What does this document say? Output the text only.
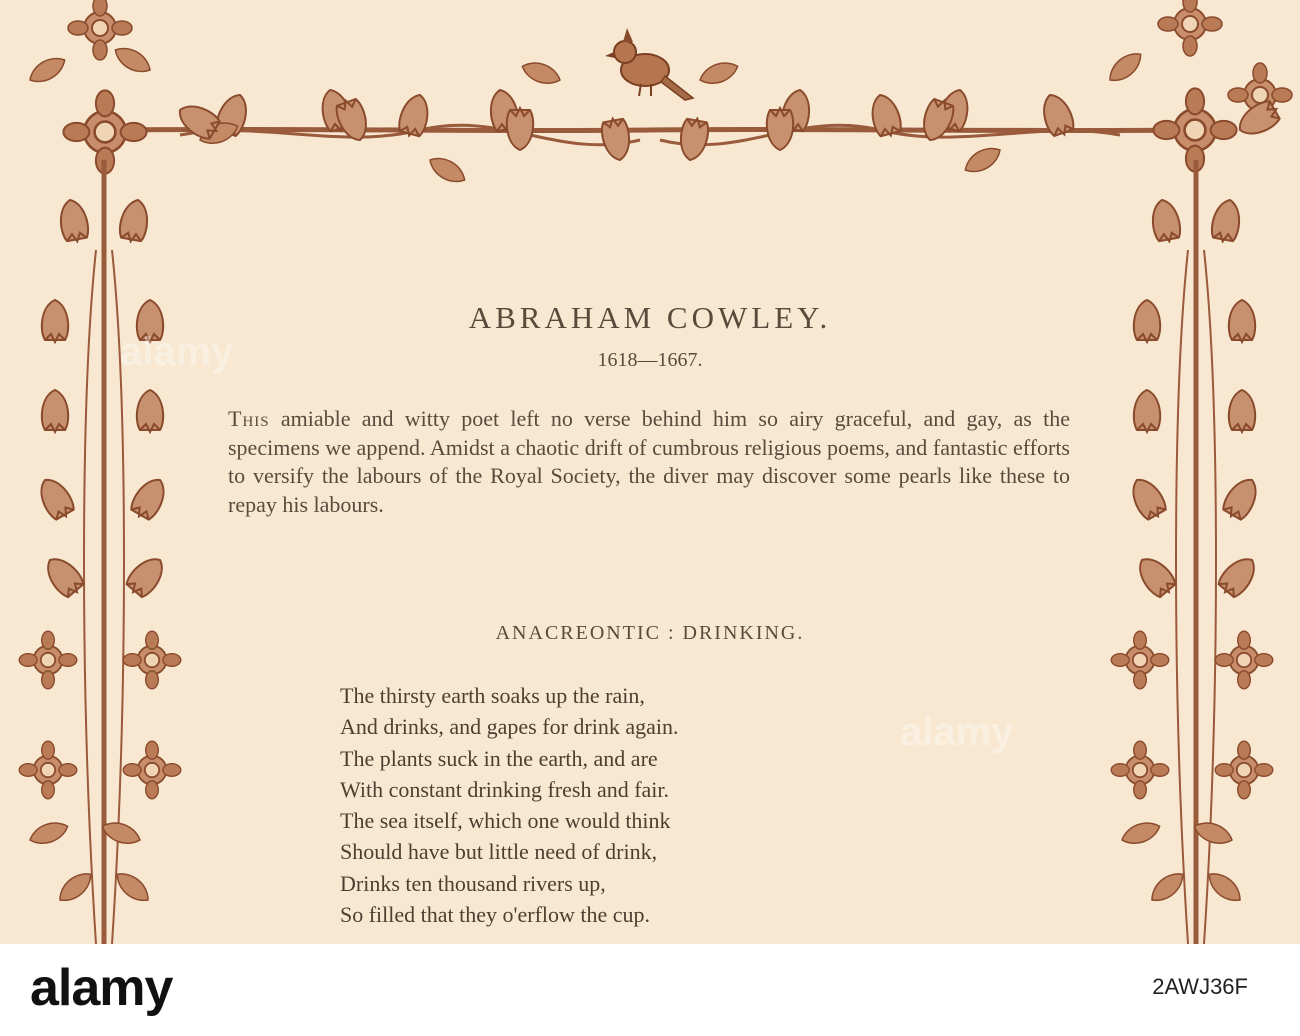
ABRAHAM COWLEY.
1618—1667.
This amiable and witty poet left no verse behind him so airy graceful, and gay, as the specimens we append. Amidst a chaotic drift of cumbrous religious poems, and fantastic efforts to versify the labours of the Royal Society, the diver may discover some pearls like these to repay his labours.
ANACREONTIC : DRINKING.
The thirsty earth soaks up the rain,
And drinks, and gapes for drink again.
The plants suck in the earth, and are
With constant drinking fresh and fair.
The sea itself, which one would think
Should have but little need of drink,
Drinks ten thousand rivers up,
So filled that they o'erflow the cup.
alamy
alamy
alamy	2AWJ36F
